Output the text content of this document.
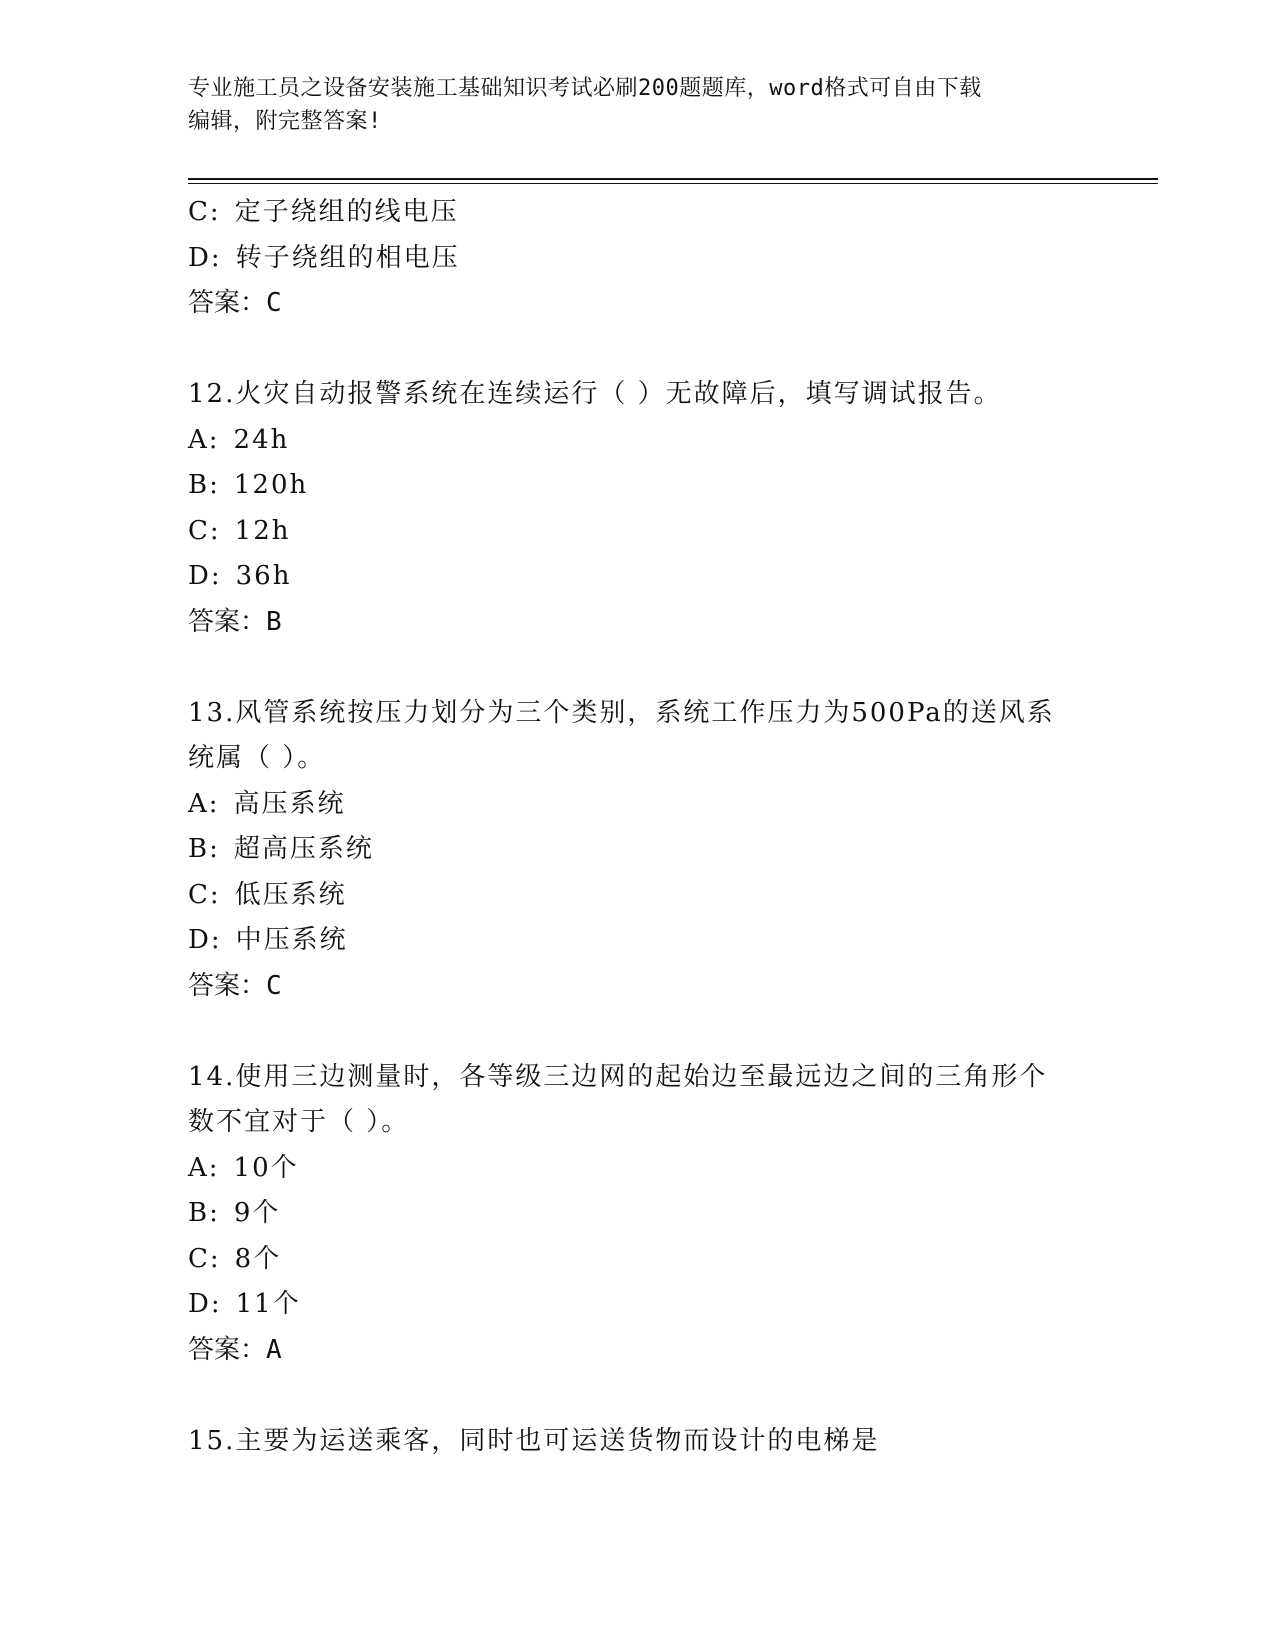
专业施工员之设备安装施工基础知识考试必刷200题题库，word格式可自由下载
编辑，附完整答案!
C: 定子绕组的线电压
D: 转子绕组的相电压
答案：C
12.火灾自动报警系统在连续运行（ ）无故障后，填写调试报告。
A: 24h
B: 120h
C: 12h
D: 36h
答案：B
13.风管系统按压力划分为三个类别，系统工作压力为500Pa的送风系
统属（ ）。
A: 高压系统
B: 超高压系统
C: 低压系统
D: 中压系统
答案：C
14.使用三边测量时，各等级三边网的起始边至最远边之间的三角形个
数不宜对于（ ）。
A: 10个
B: 9个
C: 8个
D: 11个
答案：A
15.主要为运送乘客，同时也可运送货物而设计的电梯是
